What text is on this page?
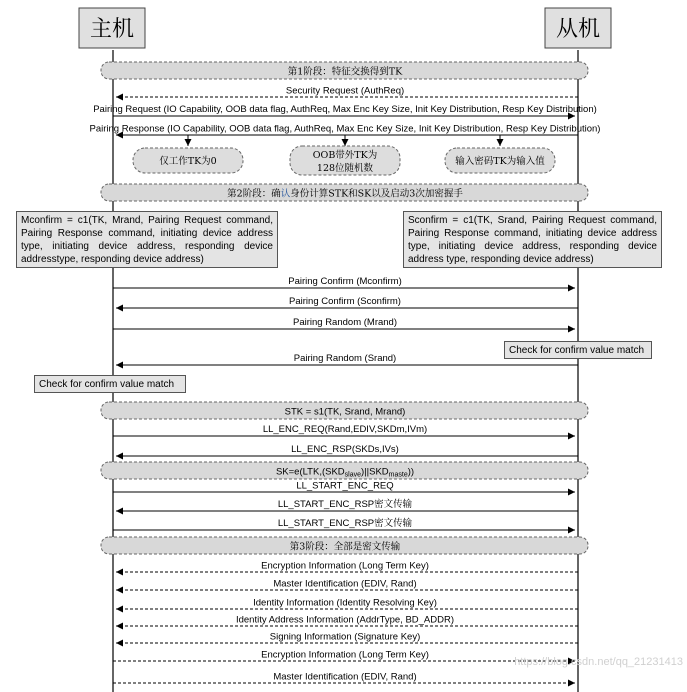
主机	从机
第1阶段：特征交换得到TK
Security Request (AuthReq)
Pairing Request (IO Capability, OOB data flag, AuthReq, Max Enc Key Size, Init Key Distribution, Resp Key Distribution)
Pairing Response (IO Capability, OOB data flag, AuthReq, Max Enc Key Size, Init Key Distribution, Resp Key Distribution)
仅工作TK为0
OOB带外TK为
128位随机数
输入密码TK为输入值
第2阶段：确认身份计算STK和SK以及启动3次加密握手
Pairing Confirm (Mconfirm)
Pairing Confirm (Sconfirm)
Pairing Random (Mrand)
Pairing Random (Srand)
STK = s1(TK, Srand, Mrand)
LL_ENC_REQ(Rand,EDIV,SKDm,IVm)
LL_ENC_RSP(SKDs,IVs)
$SK=e(LTK,(SKD_{slave})||SKD_{maste})$)
LL_START_ENC_REQ
LL_START_ENC_RSP密文传输
LL_START_ENC_RSP密文传输
第3阶段：全部是密文传输
Encryption Information (Long Term Key)
Master Identification (EDIV, Rand)
Identity Information (Identity Resolving Key)
Identity Address Information (AddrType, BD_ADDR)
Signing Information (Signature Key)
Encryption Information (Long Term Key)
Master Identification (EDIV, Rand)
Mconfirm = c1(TK, Mrand, Pairing Request command, Pairing Response command, initiating device address type, initiating device address, responding device addresstype, responding device address)
Sconfirm = c1(TK, Srand, Pairing Request command, Pairing Response command, initiating device address type, initiating device address, responding device address type, responding device address)
Check for confirm value match
Check for confirm value match
https://blog.csdn.net/qq_21231413
